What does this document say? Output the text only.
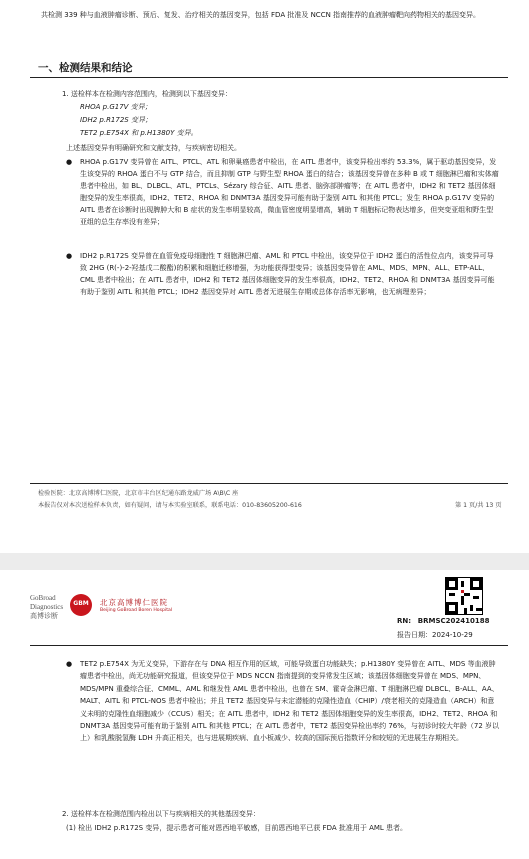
共检测 339 种与血液肿瘤诊断、预后、复发、治疗相关的基因变异，包括 FDA 批准及 NCCN 指南推荐的血液肿瘤靶向药物相关的基因变异。
一、检测结果和结论
1. 送检样本在检测内容范围内，检测到以下基因变异：
RHOA p.G17V 变异；
IDH2 p.R172S 变异；
TET2 p.E754X 和 p.H1380Y 变异。
上述基因变异有明确研究和文献支持，与疾病密切相关。
● RHOA p.G17V 变异曾在 AITL、PTCL、ATL 和卵巢癌患者中检出，在 AITL 患者中，该变异检出率约 53.3%，属于驱动基因变异，发生该变异的 RHOA 蛋白不与 GTP 结合，而且抑制 GTP 与野生型 RHOA 蛋白的结合；该基因变异曾在多种 B 或 T 细胞淋巴瘤和实体瘤患者中检出，如 BL、DLBCL、ATL、PTCLs、Sézary 综合征、AITL 患者、脑弥部肿瘤等；在 AITL 患者中，IDH2 和 TET2 基因体细胞变异的发生率很高，IDH2、TET2、RHOA 和 DNMT3A 基因变异可能有助于鉴别 AITL 和其他 PTCL；发生 RHOA p.G17V 变异的 AITL 患者在诊断时出现脾肿大和 B 症状的发生率明显较高，微血管密度明显增高，辅助 T 细胞标记物表达增多，但突变亚组和野生型亚组的总生存率没有差异；
● IDH2 p.R172S 变异曾在血管免疫母细胞性 T 细胞淋巴瘤、AML 和 PTCL 中检出，该变异位于 IDH2 蛋白的活性位点内，该变异可导致 2HG (R(-)-2-羟基戊二酸酯)的积累和细胞迁移增强，为功能获得型变异；该基因变异曾在 AML、MDS、MPN、ALL、ETP-ALL、CML 患者中检出；在 AITL 患者中，IDH2 和 TET2 基因体细胞变异的发生率很高，IDH2、TET2、RHOA 和 DNMT3A 基因变异可能有助于鉴别 AITL 和其他 PTCL；IDH2 基因变异对 AITL 患者无进展生存期或总体存活率无影响，也无病理差异；
检验医院：北京高博博仁医院，北京市丰台区纪通东路龙威广场 A\B\C 座
本报告仅对本次送检样本负责，如有疑问，请与本实验室联系，联系电话：010-83605200-616	第 1 页/共 13 页
GoBroad
Diagnostics
高博诊断
GBM	北京高博博仁医院
Beijing GoBroad Boren Hospital
RN: BRMSC202410188
报告日期：2024-10-29
● TET2 p.E754X 为无义变异，下游存在与 DNA 相互作用的区域，可能导致蛋白功能缺失；p.H1380Y 变异曾在 AITL、MDS 等血液肿瘤患者中检出，尚无功能研究报道，但该变异位于 MDS NCCN 指南提到的变异常发生区域；该基因体细胞变异曾在 MDS、MPN、MDS/MPN 重叠综合征、CMML、AML 和继发性 AML 患者中检出，也曾在 SM、霍奇金淋巴瘤、T 细胞淋巴瘤 DLBCL、B-ALL、AA、MALT、AITL 和 PTCL-NOS 患者中检出；并且 TET2 基因变异与未定潜能的克隆性造血（CHIP）/衰老相关的克隆造血（ARCH）和意义未明的克隆性血细胞减少（CCUS）相关；在 AITL 患者中，IDH2 和 TET2 基因体细胞变异的发生率很高，IDH2、TET2、RHOA 和 DNMT3A 基因变异可能有助于鉴别 AITL 和其他 PTCL；在 AITL 患者中，TET2 基因变异检出率约 76%，与初诊时较大年龄（72 岁以上）和乳酸脱氢酶 LDH 升高正相关，也与进展期疾病、血小板减少、较高的国际预后指数评分和较短的无进展生存期相关。
2. 送检样本在检测范围内检出以下与疾病相关的其他基因变异：
(1) 检出 IDH2 p.R172S 变异，提示患者可能对恩西地平敏感，目前恩西地平已获 FDA 批准用于 AML 患者。
